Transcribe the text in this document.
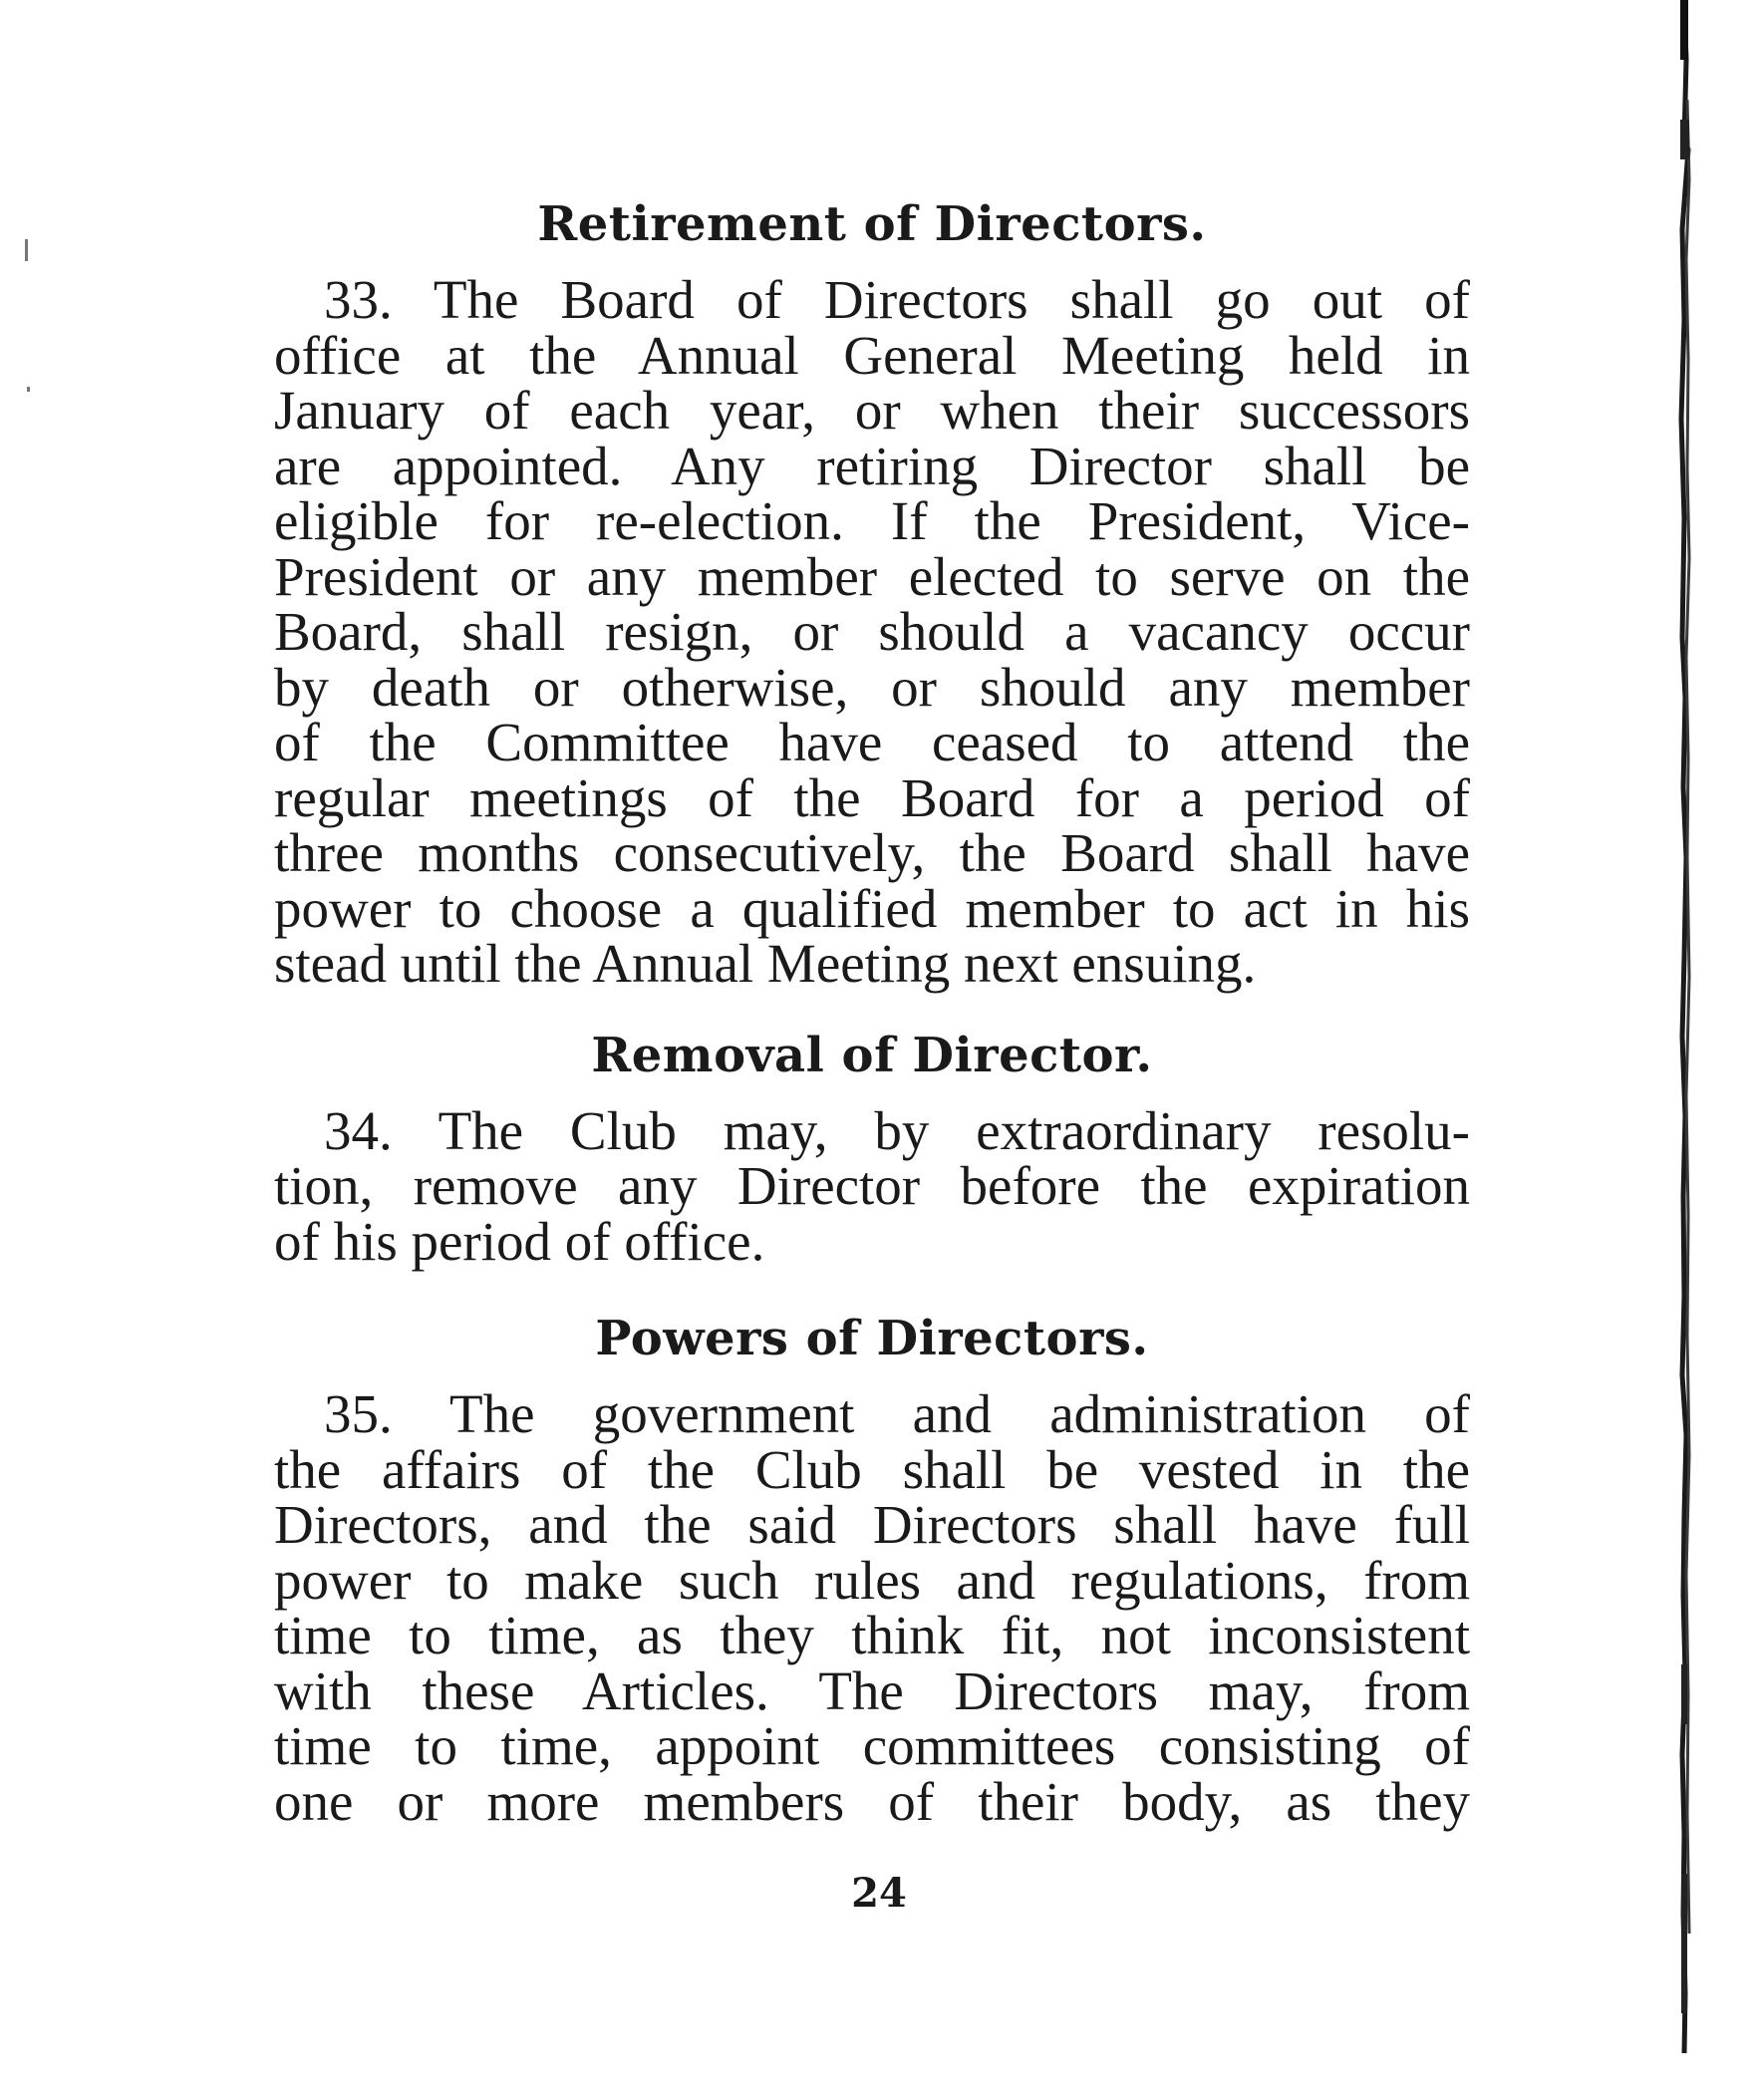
Retirement of Directors.

33. The Board of Directors shall go out of
office at the Annual General Meeting held in
January of each year, or when their successors
are appointed. Any retiring Director shall be
eligible for re-election. If the President, Vice-
President or any member elected to serve on the
Board, shall resign, or should a vacancy occur
by death or otherwise, or should any member
of the Committee have ceased to attend the
regular meetings of the Board for a period of
three months consecutively, the Board shall have
power to choose a qualified member to act in his
stead until the Annual Meeting next ensuing.

Removal of Director.

34. The Club may, by extraordinary resolu-
tion, remove any Director before the expiration
of his period of office.

Powers of Directors.

35. The government and administration of
the affairs of the Club shall be vested in the
Directors, and the said Directors shall have full
power to make such rules and regulations, from
time to time, as they think fit, not inconsistent
with these Articles. The Directors may, from
time to time, appoint committees consisting of
one or more members of their body, as they

24
